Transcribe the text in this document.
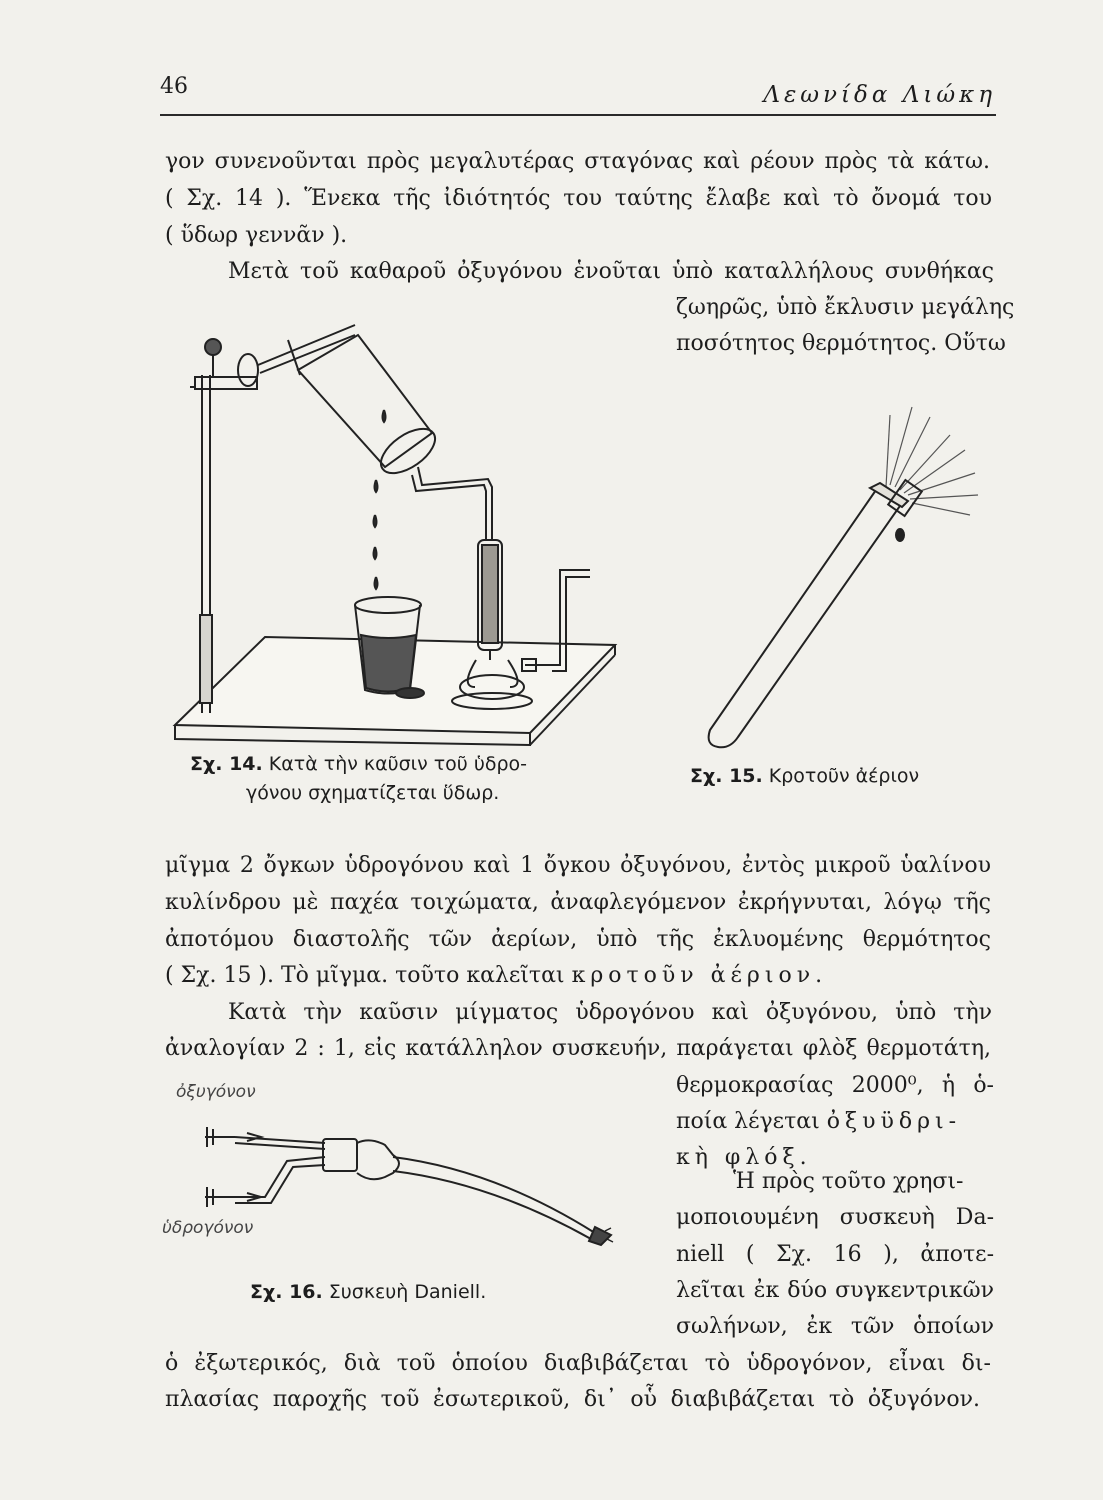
46	Λεωνίδα Λιώκη
γον συνενοῦνται πρὸς μεγαλυτέρας σταγόνας καὶ ρέουν πρὸς τὰ κάτω.
( Σχ. 14 ). Ἕνεκα τῆς ἰδιότητός του ταύτης ἔλαβε καὶ τὸ ὄνομά του
( ὕδωρ γεννᾶν ).
Μετὰ τοῦ καθαροῦ ὀξυγόνου ἑνοῦται ὑπὸ καταλλήλους συνθήκας
ζωηρῶς, ὑπὸ ἔκλυσιν μεγάλης
ποσότητος θερμότητος. Οὕτω
Σχ. 14. Κατὰ τὴν καῦσιν τοῦ ὑδρο-
γόνου σχηματίζεται ὕδωρ.
Σχ. 15. Κροτοῦν ἀέριον
μῖγμα 2 ὄγκων ὑδρογόνου καὶ 1 ὄγκου ὀξυγόνου, ἐντὸς μικροῦ ὑαλίνου
κυλίνδρου μὲ παχέα τοιχώματα, ἀναφλεγόμενον ἐκρήγνυται, λόγῳ τῆς
ἀποτόμου διαστολῆς τῶν ἀερίων, ὑπὸ τῆς ἐκλυομένης θερμότητος
( Σχ. 15 ). Τὸ μῖγμα. τοῦτο καλεῖται κροτοῦν ἀέριον.
Κατὰ τὴν καῦσιν μίγματος ὑδρογόνου καὶ ὀξυγόνου, ὑπὸ τὴν
ἀναλογίαν 2 : 1, εἰς κατάλληλον συσκευήν, παράγεται φλὸξ θερμοτάτη,
θερμοκρασίας 2000⁰, ἡ ὁ-
ποία λέγεται ὀξυϋδρι-
κὴ φλόξ.
ὀξυγόνον
ὑδρογόνον
Σχ. 16. Συσκευὴ Daniell.
Ἡ πρὸς τοῦτο χρησι-
μοποιουμένη συσκευὴ Da-
niell ( Σχ. 16 ), ἀποτε-
λεῖται ἐκ δύο συγκεντρικῶν
σωλήνων, ἐκ τῶν ὁποίων
ὁ ἐξωτερικός, διὰ τοῦ ὁποίου διαβιβάζεται τὸ ὑδρογόνον, εἶναι δι-
πλασίας παροχῆς τοῦ ἐσωτερικοῦ, δι᾽ οὗ διαβιβάζεται τὸ ὀξυγόνον.
